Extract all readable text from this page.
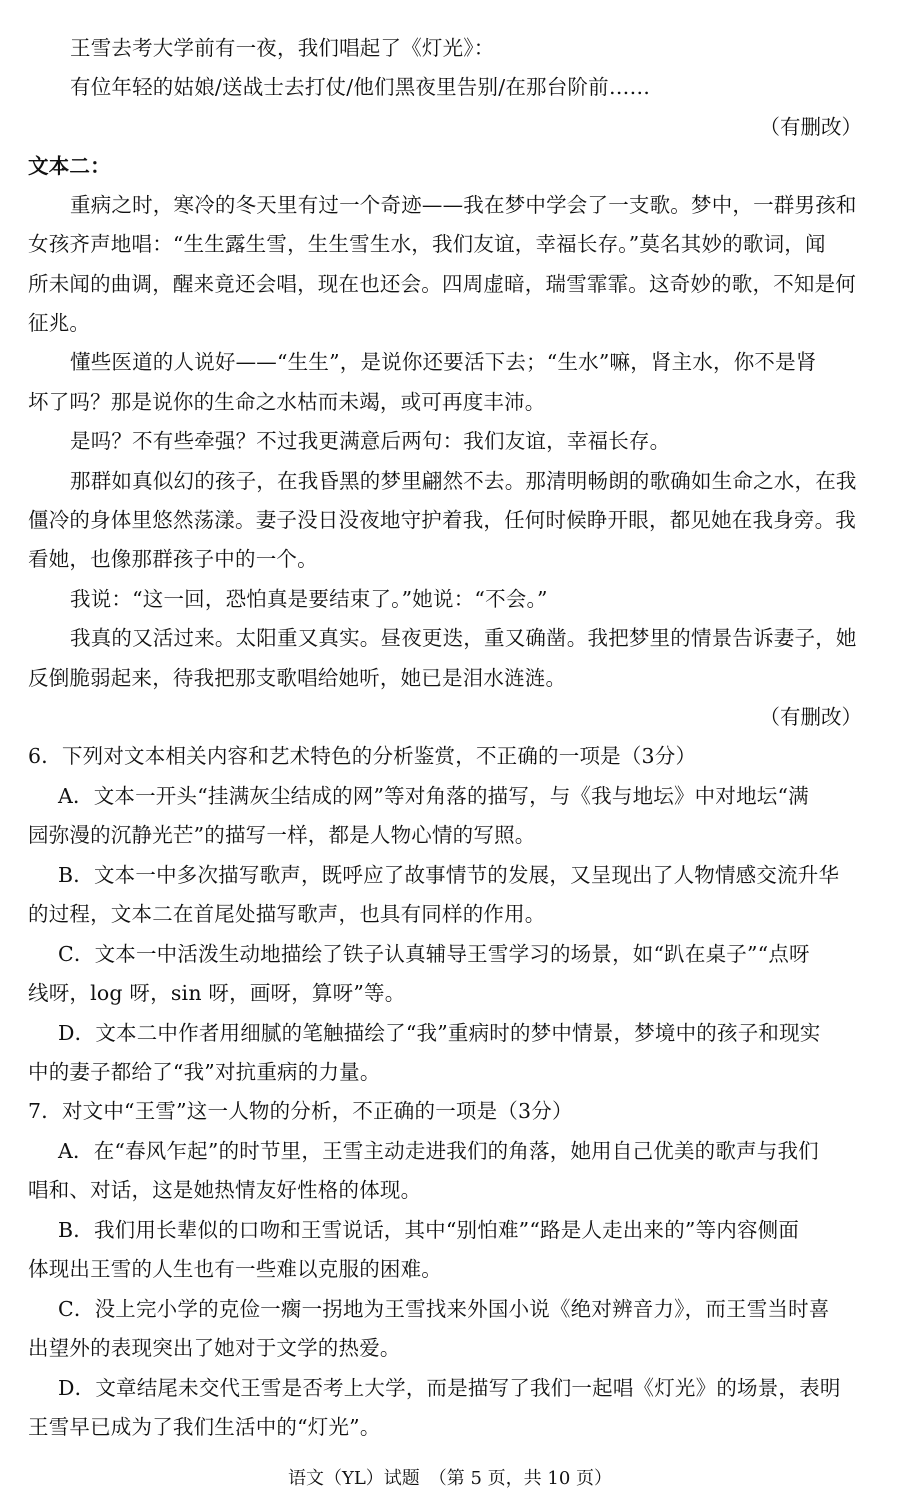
王雪去考大学前有一夜，我们唱起了《灯光》：
有位年轻的姑娘/送战士去打仗/他们黑夜里告别/在那台阶前……
（有删改）
文本二：
重病之时，寒冷的冬天里有过一个奇迹——我在梦中学会了一支歌。梦中，一群男孩和
女孩齐声地唱：“生生露生雪，生生雪生水，我们友谊，幸福长存。”莫名其妙的歌词，闻
所未闻的曲调，醒来竟还会唱，现在也还会。四周虚暗，瑞雪霏霏。这奇妙的歌，不知是何
征兆。
懂些医道的人说好——“生生”，是说你还要活下去；“生水”嘛，肾主水，你不是肾
坏了吗？那是说你的生命之水枯而未竭，或可再度丰沛。
是吗？不有些牵强？不过我更满意后两句：我们友谊，幸福长存。
那群如真似幻的孩子，在我昏黑的梦里翩然不去。那清明畅朗的歌确如生命之水，在我
僵冷的身体里悠然荡漾。妻子没日没夜地守护着我，任何时候睁开眼，都见她在我身旁。我
看她，也像那群孩子中的一个。
我说：“这一回，恐怕真是要结束了。”她说：“不会。”
我真的又活过来。太阳重又真实。昼夜更迭，重又确凿。我把梦里的情景告诉妻子，她
反倒脆弱起来，待我把那支歌唱给她听，她已是泪水涟涟。
（有删改）
6．下列对文本相关内容和艺术特色的分析鉴赏，不正确的一项是（3分）
A．文本一开头“挂满灰尘结成的网”等对角落的描写，与《我与地坛》中对地坛“满
园弥漫的沉静光芒”的描写一样，都是人物心情的写照。
B．文本一中多次描写歌声，既呼应了故事情节的发展，又呈现出了人物情感交流升华
的过程，文本二在首尾处描写歌声，也具有同样的作用。
C．文本一中活泼生动地描绘了铁子认真辅导王雪学习的场景，如“趴在桌子”“点呀
线呀，log 呀，sin 呀，画呀，算呀”等。
D．文本二中作者用细腻的笔触描绘了“我”重病时的梦中情景，梦境中的孩子和现实
中的妻子都给了“我”对抗重病的力量。
7．对文中“王雪”这一人物的分析，不正确的一项是（3分）
A．在“春风乍起”的时节里，王雪主动走进我们的角落，她用自己优美的歌声与我们
唱和、对话，这是她热情友好性格的体现。
B．我们用长辈似的口吻和王雪说话，其中“别怕难”“路是人走出来的”等内容侧面
体现出王雪的人生也有一些难以克服的困难。
C．没上完小学的克俭一瘸一拐地为王雪找来外国小说《绝对辨音力》，而王雪当时喜
出望外的表现突出了她对于文学的热爱。
D．文章结尾未交代王雪是否考上大学，而是描写了我们一起唱《灯光》的场景，表明
王雪早已成为了我们生活中的“灯光”。
语文（YL）试题　（第 5 页，共 10 页）
